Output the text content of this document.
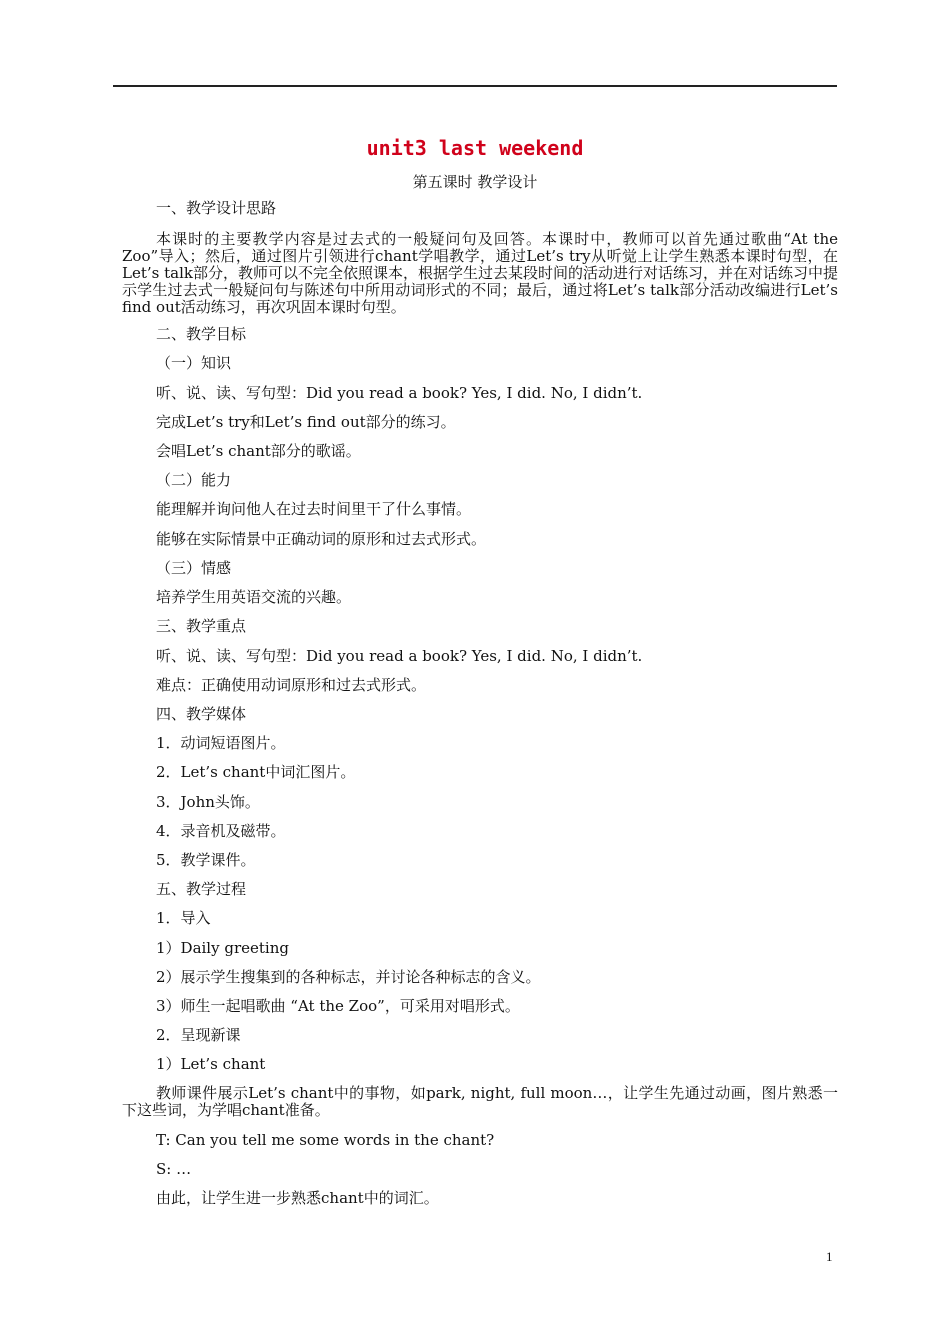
unit3 last weekend
第五课时 教学设计
一、教学设计思路
本课时的主要教学内容是过去式的一般疑问句及回答。本课时中，教师可以首先通过歌曲“At the Zoo”导入；然后，通过图片引领进行chant学唱教学，通过Let’s try从听觉上让学生熟悉本课时句型，在Let’s talk部分，教师可以不完全依照课本，根据学生过去某段时间的活动进行对话练习，并在对话练习中提示学生过去式一般疑问句与陈述句中所用动词形式的不同；最后，通过将Let’s talk部分活动改编进行Let’s find out活动练习，再次巩固本课时句型。
二、教学目标
（一）知识
听、说、读、写句型：Did you read a book? Yes, I did. No, I didn’t.
完成Let’s try和Let’s find out部分的练习。
会唱Let’s chant部分的歌谣。
（二）能力
能理解并询问他人在过去时间里干了什么事情。
能够在实际情景中正确动词的原形和过去式形式。
（三）情感
培养学生用英语交流的兴趣。
三、教学重点
听、说、读、写句型：Did you read a book? Yes, I did. No, I didn’t.
难点：正确使用动词原形和过去式形式。
四、教学媒体
1．动词短语图片。
2．Let’s chant中词汇图片。
3．John头饰。
4．录音机及磁带。
5．教学课件。
五、教学过程
1．导入
1）Daily greeting
2）展示学生搜集到的各种标志，并讨论各种标志的含义。
3）师生一起唱歌曲 “At the Zoo”，可采用对唱形式。
2．呈现新课
1）Let’s chant
教师课件展示Let’s chant中的事物，如park, night, full moon…，让学生先通过动画，图片熟悉一下这些词，为学唱chant准备。
T: Can you tell me some words in the chant?
S: …
由此，让学生进一步熟悉chant中的词汇。
1
